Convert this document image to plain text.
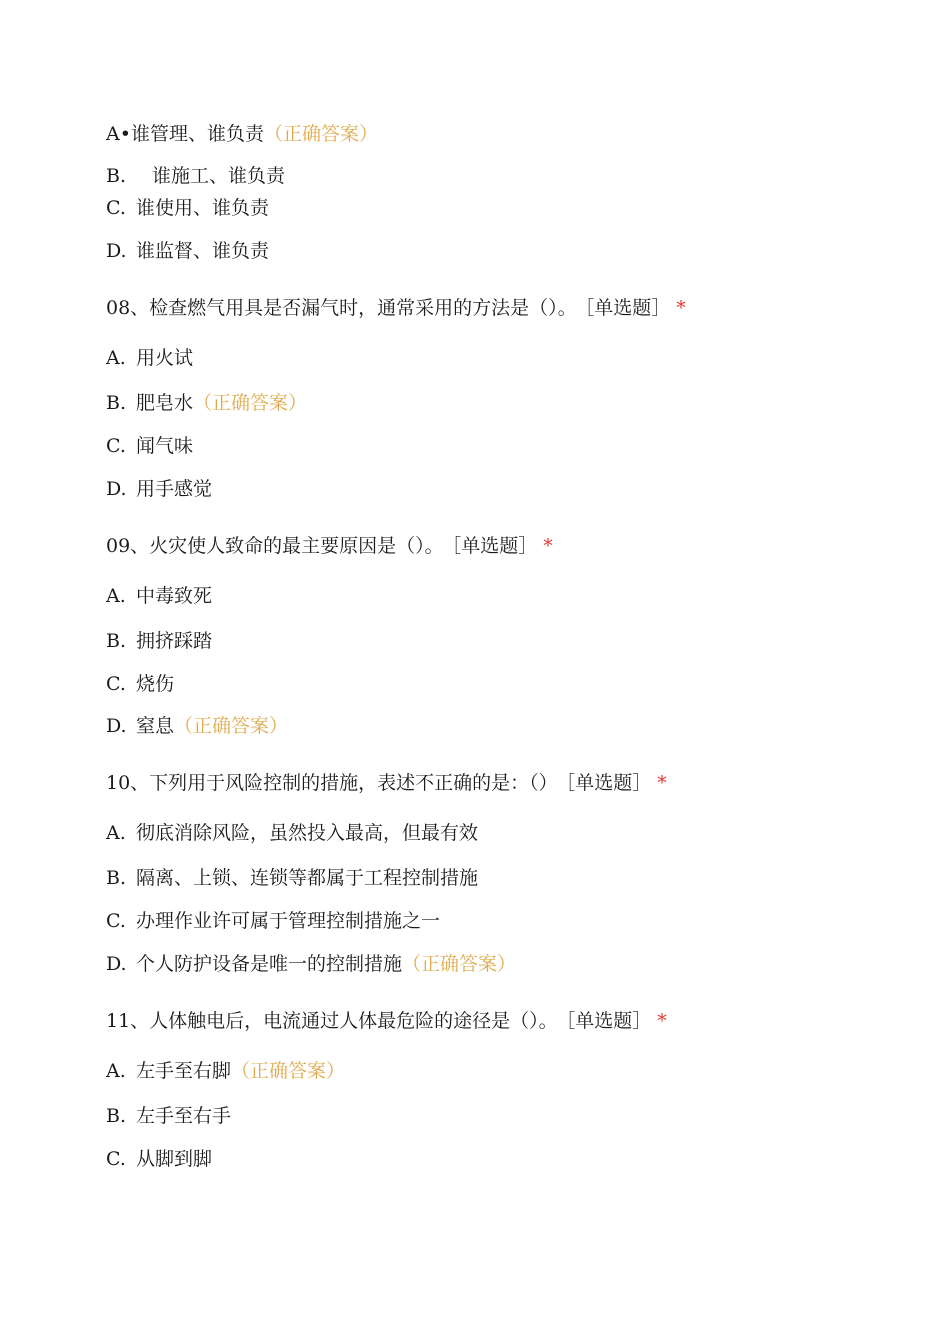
A•谁管理、谁负责（正确答案）
B. 谁施工、谁负责
C. 谁使用、谁负责
D. 谁监督、谁负责
08、检查燃气用具是否漏气时，通常采用的方法是（）。 ［单选题］ *
A. 用火试
B. 肥皂水（正确答案）
C. 闻气味
D. 用手感觉
09、火灾使人致命的最主要原因是（）。 ［单选题］ *
A. 中毒致死
B. 拥挤踩踏
C. 烧伤
D. 窒息（正确答案）
10、下列用于风险控制的措施，表述不正确的是：（） ［单选题］ *
A. 彻底消除风险，虽然投入最高，但最有效
B. 隔离、上锁、连锁等都属于工程控制措施
C. 办理作业许可属于管理控制措施之一
D. 个人防护设备是唯一的控制措施（正确答案）
11、人体触电后，电流通过人体最危险的途径是（）。 ［单选题］ *
A. 左手至右脚（正确答案）
B. 左手至右手
C. 从脚到脚
